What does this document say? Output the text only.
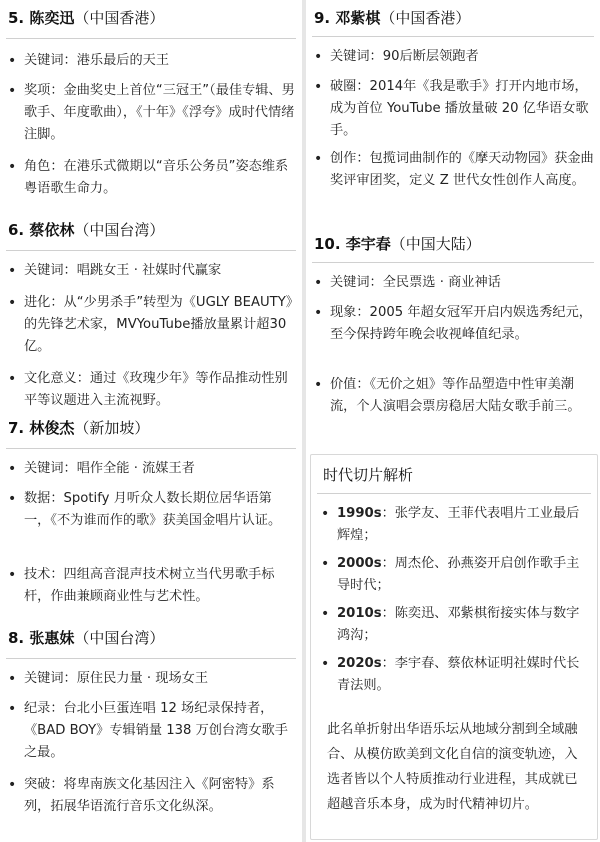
5. 陈奕迅（中国香港）
• 关键词：港乐最后的天王
• 奖项：金曲奖史上首位“三冠王”（最佳专辑、男歌手、年度歌曲），《十年》《浮夸》成时代情绪注脚。
• 角色：在港乐式微期以“音乐公务员”姿态维系粤语歌生命力。
6. 蔡依林（中国台湾）
• 关键词：唱跳女王 · 社媒时代赢家
• 进化：从“少男杀手”转型为《UGLY BEAUTY》的先锋艺术家，MVYouTube播放量累计超30亿。
• 文化意义：通过《玫瑰少年》等作品推动性别平等议题进入主流视野。
7. 林俊杰（新加坡）
• 关键词：唱作全能 · 流媒王者
• 数据：Spotify 月听众人数长期位居华语第一，《不为谁而作的歌》获美国金唱片认证。
• 技术：四组高音混声技术树立当代男歌手标杆，作曲兼顾商业性与艺术性。
8. 张惠妹（中国台湾）
• 关键词：原住民力量 · 现场女王
• 纪录：台北小巨蛋连唱 12 场纪录保持者，《BAD BOY》专辑销量 138 万创台湾女歌手之最。
• 突破：将卑南族文化基因注入《阿密特》系列，拓展华语流行音乐文化纵深。
9. 邓紫棋（中国香港）
• 关键词：90后断层领跑者
• 破圈：2014年《我是歌手》打开内地市场，成为首位 YouTube 播放量破 20 亿华语女歌手。
• 创作：包揽词曲制作的《摩天动物园》获金曲奖评审团奖，定义 Z 世代女性创作人高度。
10. 李宇春（中国大陆）
• 关键词：全民票选 · 商业神话
• 现象：2005 年超女冠军开启内娱选秀纪元，至今保持跨年晚会收视峰值纪录。
• 价值：《无价之姐》等作品塑造中性审美潮流，个人演唱会票房稳居大陆女歌手前三。
时代切片解析
• 1990s：张学友、王菲代表唱片工业最后辉煌；
• 2000s：周杰伦、孙燕姿开启创作歌手主导时代；
• 2010s：陈奕迅、邓紫棋衔接实体与数字鸿沟；
• 2020s：李宇春、蔡依林证明社媒时代长青法则。
此名单折射出华语乐坛从地域分割到全域融合、从模仿欧美到文化自信的演变轨迹，入选者皆以个人特质推动行业进程，其成就已超越音乐本身，成为时代精神切片。
